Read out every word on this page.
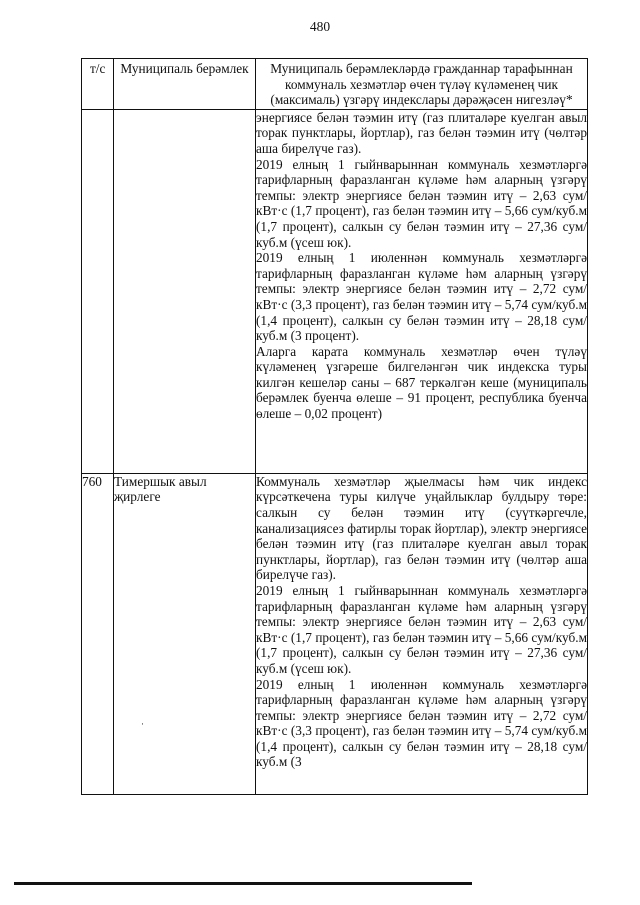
480
т/с	Муниципаль берәмлек	Муниципаль берәмлекләрдә гражданнар тарафыннан коммуналь хезмәтләр өчен түләү күләменең чик (максималь) үзгәрү индекслары дәрәҗәсен нигезләү*

		энергиясе белән тәэмин итү (газ плиталәре куелган авыл торак пунктлары, йортлар), газ белән тәэмин итү (чөлтәр аша бирелүче газ).

2019 елның 1 гыйнварыннан коммуналь хезмәтләргә тарифларның фаразланган күләме һәм аларның үзгәрү темпы: электр энергиясе белән тәэмин итү – 2,63 сум/кВт·с (1,7 процент), газ белән тәэмин итү – 5,66 сум/куб.м (1,7 процент), салкын су белән тәэмин итү – 27,36 сум/куб.м (үсеш юк).

2019 елның 1 июленнән коммуналь хезмәтләргә тарифларның фаразланган күләме һәм аларның үзгәрү темпы: электр энергиясе белән тәэмин итү – 2,72 сум/кВт·с (3,3 процент), газ белән тәэмин итү – 5,74 сум/куб.м (1,4 процент), салкын су белән тәэмин итү – 28,18 сум/куб.м (3 процент).

Аларга карата коммуналь хезмәтләр өчен түләү күләменең үзгәреше билгеләнгән чик индекска туры килгән кешеләр саны – 687 теркәлгән кеше (муниципаль берәмлек буенча өлеше – 91 процент, республика буенча өлеше – 0,02 процент)

760	Тимершык авыл җирлеге	Коммуналь хезмәтләр җыелмасы һәм чик индекс күрсәткечена туры килүче уңайлыклар булдыру төре: салкын су белән тәэмин итү (суүткәргечле, канализациясез фатирлы торак йортлар), электр энергиясе белән тәэмин итү (газ плиталәре куелган авыл торак пунктлары, йортлар), газ белән тәэмин итү (чөлтәр аша бирелүче газ).

2019 елның 1 гыйнварыннан коммуналь хезмәтләргә тарифларның фаразланган күләме һәм аларның үзгәрү темпы: электр энергиясе белән тәэмин итү – 2,63 сум/кВт·с (1,7 процент), газ белән тәэмин итү – 5,66 сум/куб.м (1,7 процент), салкын су белән тәэмин итү – 27,36 сум/куб.м (үсеш юк).

2019 елның 1 июленнән коммуналь хезмәтләргә тарифларның фаразланган күләме һәм аларның үзгәрү темпы: электр энергиясе белән тәэмин итү – 2,72 сум/кВт·с (3,3 процент), газ белән тәэмин итү – 5,74 сум/куб.м (1,4 процент), салкын су белән тәэмин итү – 28,18 сум/куб.м (3

·
